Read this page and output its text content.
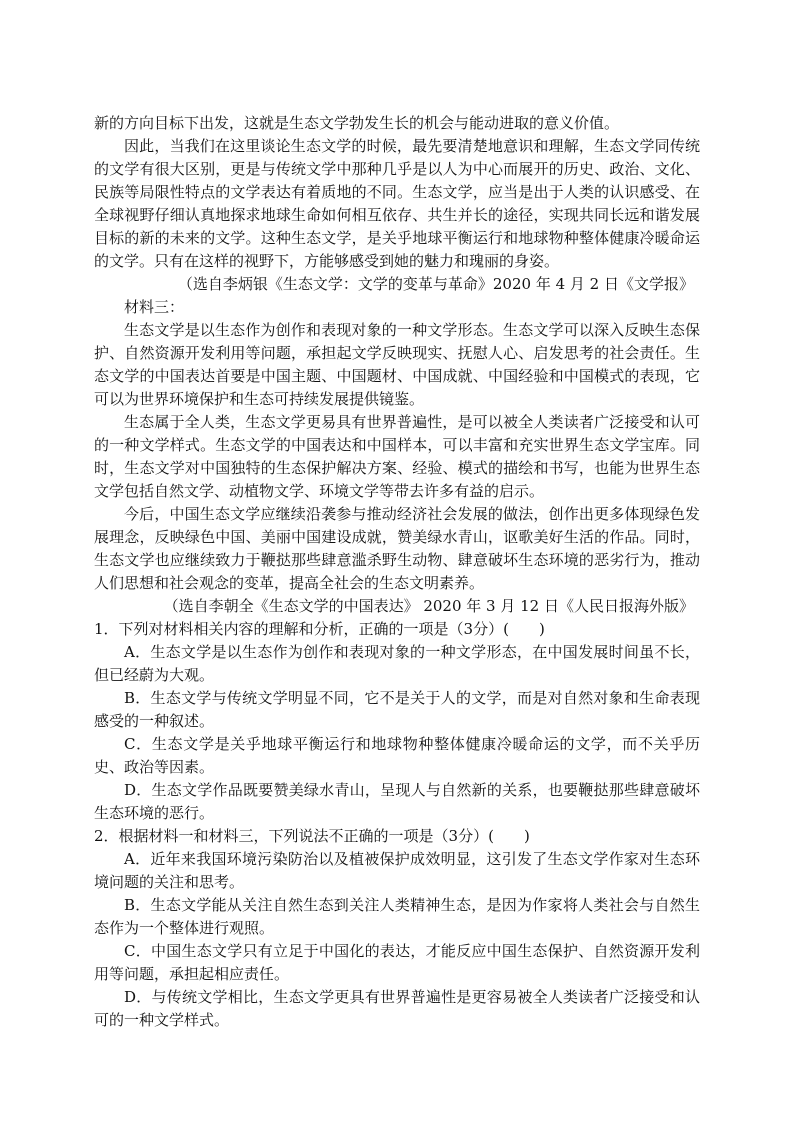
新的方向目标下出发，这就是生态文学勃发生长的机会与能动进取的意义价值。

因此，当我们在这里谈论生态文学的时候，最先要清楚地意识和理解，生态文学同传统的文学有很大区别，更是与传统文学中那种几乎是以人为中心而展开的历史、政治、文化、民族等局限性特点的文学表达有着质地的不同。生态文学，应当是出于人类的认识感受、在全球视野仔细认真地探求地球生命如何相互依存、共生并长的途径，实现共同长远和谐发展目标的新的未来的文学。这种生态文学，是关乎地球平衡运行和地球物种整体健康冷暖命运的文学。只有在这样的视野下，方能够感受到她的魅力和瑰丽的身姿。

（选自李炳银《生态文学：文学的变革与革命》2020 年 4 月 2 日《文学报》

材料三：

生态文学是以生态作为创作和表现对象的一种文学形态。生态文学可以深入反映生态保护、自然资源开发利用等问题，承担起文学反映现实、抚慰人心、启发思考的社会责任。生态文学的中国表达首要是中国主题、中国题材、中国成就、中国经验和中国模式的表现，它可以为世界环境保护和生态可持续发展提供镜鉴。

生态属于全人类，生态文学更易具有世界普遍性，是可以被全人类读者广泛接受和认可的一种文学样式。生态文学的中国表达和中国样本，可以丰富和充实世界生态文学宝库。同时，生态文学对中国独特的生态保护解决方案、经验、模式的描绘和书写，也能为世界生态文学包括自然文学、动植物文学、环境文学等带去许多有益的启示。

今后，中国生态文学应继续沿袭参与推动经济社会发展的做法，创作出更多体现绿色发展理念，反映绿色中国、美丽中国建设成就，赞美绿水青山，讴歌美好生活的作品。同时，生态文学也应继续致力于鞭挞那些肆意滥杀野生动物、肆意破坏生态环境的恶劣行为，推动人们思想和社会观念的变革，提高全社会的生态文明素养。

（选自李朝全《生态文学的中国表达》 2020 年 3 月 12 日《人民日报海外版》

1．下列对材料相关内容的理解和分析，正确的一项是（3分）(　　)

A．生态文学是以生态作为创作和表现对象的一种文学形态，在中国发展时间虽不长，但已经蔚为大观。

B．生态文学与传统文学明显不同，它不是关于人的文学，而是对自然对象和生命表现感受的一种叙述。

C．生态文学是关乎地球平衡运行和地球物种整体健康冷暖命运的文学，而不关乎历史、政治等因素。

D．生态文学作品既要赞美绿水青山，呈现人与自然新的关系，也要鞭挞那些肆意破坏生态环境的恶行。

2．根据材料一和材料三，下列说法不正确的一项是（3分）(　　)

A．近年来我国环境污染防治以及植被保护成效明显，这引发了生态文学作家对生态环境问题的关注和思考。

B．生态文学能从关注自然生态到关注人类精神生态，是因为作家将人类社会与自然生态作为一个整体进行观照。

C．中国生态文学只有立足于中国化的表达，才能反应中国生态保护、自然资源开发利用等问题，承担起相应责任。

D．与传统文学相比，生态文学更具有世界普遍性是更容易被全人类读者广泛接受和认可的一种文学样式。
